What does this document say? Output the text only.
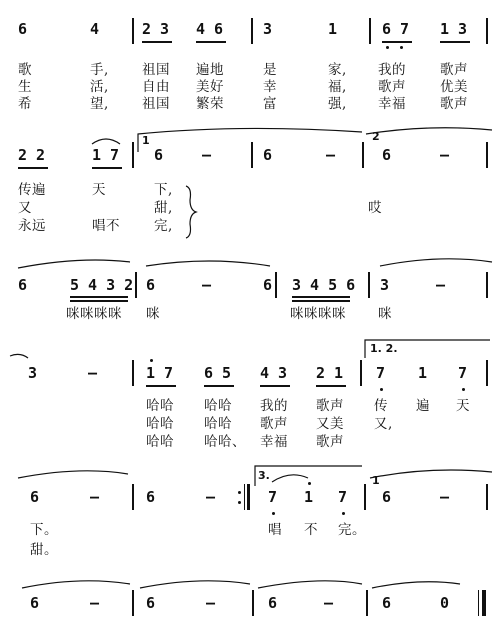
6	4	2 3 4 6	3	1	6 7 1 3
歌	手, 祖国 遍地	是	家, 我的	歌声
生	活, 自由 美好	幸	福, 歌声	优美
希	望, 祖国 繁荣	富	强, 幸福	歌声
2 2	1 7 6	—	6	—	6	—
1	2
传遍	天	下,
又	甜,
永远	唱不	完,
哎
6	5 4 3 2 6	—	6 3 4 5 6 3	—
咪咪咪咪 咪	咪咪咪咪 咪
3	—	1 7 6 5 4 3 2 1 7 1 7
1. 2.
哈哈 哈哈 我的 歌声 传 遍 天
哈哈 哈哈 歌声 又美 又,
哈哈 哈哈、 幸福 歌声
6	—	6	—	7 1 7 6	—
3.	1
下。	唱 不 完。
甜。
6	—	6	—	6	—	6	0
